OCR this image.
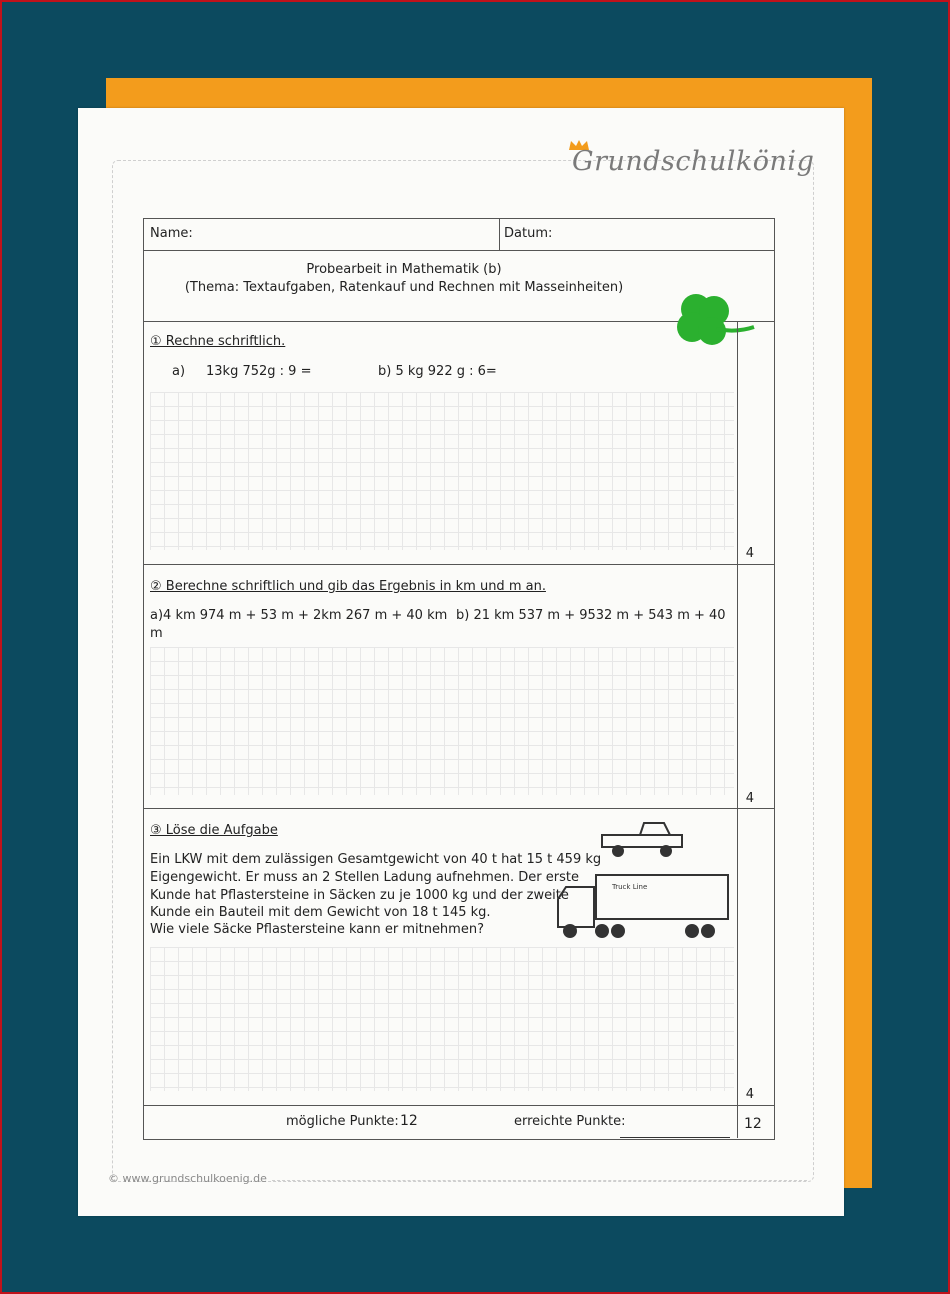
Grundschulkönig
Name:	Datum:
Probearbeit in Mathematik (b)
(Thema: Textaufgaben, Ratenkauf und Rechnen mit Masseinheiten)
① Rechne schriftlich.
a) 13kg 752g : 9 =	b) 5 kg 922 g : 6=
4
② Berechne schriftlich und gib das Ergebnis in km und m an.
a)4 km 974 m + 53 m + 2km 267 m + 40 km
m
b) 21 km 537 m + 9532 m + 543 m + 40
4
③ Löse die Aufgabe
Ein LKW mit dem zulässigen Gesamtgewicht von 40 t hat 15 t 459 kg
Eigengewicht. Er muss an 2 Stellen Ladung aufnehmen. Der erste
Kunde hat Pflastersteine in Säcken zu je 1000 kg und der zweite
Kunde ein Bauteil mit dem Gewicht von 18 t 145 kg.
Wie viele Säcke Pflastersteine kann er mitnehmen?
Truck Line
4
mögliche Punkte: 12	erreichte Punkte:	12
© www.grundschulkoenig.de
